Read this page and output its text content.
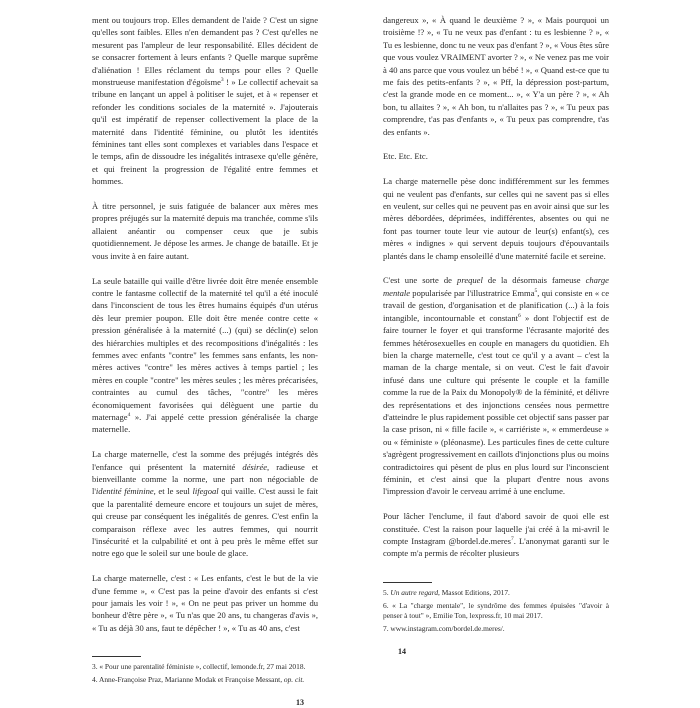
ment ou toujours trop. Elles demandent de l'aide ? C'est un signe qu'elles sont faibles. Elles n'en demandent pas ? C'est qu'elles ne mesurent pas l'ampleur de leur responsabilité. Elles décident de se consacrer fortement à leurs enfants ? Quelle marque suprême d'aliénation ! Elles réclament du temps pour elles ? Quelle monstrueuse manifestation d'égoïsme$^3$ ! » Le collectif achevait sa tribune en lançant un appel à politiser le sujet, et à « repenser et refonder les conditions sociales de la maternité ». J'ajouterais qu'il est impératif de repenser collectivement la place de la maternité dans l'identité féminine, ou plutôt les identités féminines tant elles sont complexes et variables dans l'espace et le temps, afin de dissoudre les inégalités intrasexe qu'elle génère, et qui freinent la progression de l'égalité entre femmes et hommes.

À titre personnel, je suis fatiguée de balancer aux mères mes propres préjugés sur la maternité depuis ma tranchée, comme s'ils allaient anéantir ou compenser ceux que je subis quotidiennement. Je dépose les armes. Je change de bataille. Et je vous invite à en faire autant.

La seule bataille qui vaille d'être livrée doit être menée ensemble contre le fantasme collectif de la maternité tel qu'il a été inoculé dans l'inconscient de tous les êtres humains équipés d'un utérus dès leur premier poupon. Elle doit être menée contre cette « pression généralisée à la maternité (...) (qui) se déclin(e) selon des hiérarchies multiples et des recompositions d'inégalités : les femmes avec enfants "contre" les femmes sans enfants, les non-mères actives "contre" les mères actives à temps partiel ; les mères en couple "contre" les mères seules ; les mères précarisées, contraintes au cumul des tâches, "contre" les mères économiquement favorisées qui délèguent une partie du maternage$^4$ ». J'ai appelé cette pression généralisée la charge maternelle.

La charge maternelle, c'est la somme des préjugés intégrés dès l'enfance qui présentent la maternité désirée, radieuse et bienveillante comme la norme, une part non négociable de l'identité féminine, et le seul lifegoal qui vaille. C'est aussi le fait que la parentalité demeure encore et toujours un sujet de mères, qui creuse par conséquent les inégalités de genres. C'est enfin la comparaison réflexe avec les autres femmes, qui nourrit l'insécurité et la culpabilité et ont à peu près le même effet sur notre ego que le soleil sur une boule de glace.

La charge maternelle, c'est : « Les enfants, c'est le but de la vie d'une femme », « C'est pas la peine d'avoir des enfants si c'est pour jamais les voir ! », « On ne peut pas priver un homme du bonheur d'être père », « Tu n'as que 20 ans, tu changeras d'avis », « Tu as déjà 30 ans, faut te dépêcher ! », « Tu as 40 ans, c'est

3. « Pour une parentalité féministe », collectif, lemonde.fr, 27 mai 2018.

4. Anne-Françoise Praz, Marianne Modak et Françoise Messant, op. cit.

13

dangereux », « À quand le deuxième ? », « Mais pourquoi un troisième !? », « Tu ne veux pas d'enfant : tu es lesbienne ? », « Tu es lesbienne, donc tu ne veux pas d'enfant ? », « Vous êtes sûre que vous voulez VRAIMENT avorter ? », « Ne venez pas me voir à 40 ans parce que vous voulez un bébé ! », « Quand est-ce que tu me fais des petits-enfants ? », « Pff, la dépression post-partum, c'est la grande mode en ce moment... », « Y'a un père ? », « Ah bon, tu allaites ? », « Ah bon, tu n'allaites pas ? », « Tu peux pas comprendre, t'as pas d'enfants », « Tu peux pas comprendre, t'as des enfants ».

Etc. Etc. Etc.

La charge maternelle pèse donc indifféremment sur les femmes qui ne veulent pas d'enfants, sur celles qui ne savent pas si elles en veulent, sur celles qui ne peuvent pas en avoir ainsi que sur les mères débordées, déprimées, indifférentes, absentes ou qui ne font pas tourner toute leur vie autour de leur(s) enfant(s), ces mères « indignes » qui servent depuis toujours d'épouvantails plantés dans le champ ensoleillé d'une maternité facile et sereine.

C'est une sorte de prequel de la désormais fameuse charge mentale popularisée par l'illustratrice Emma$^5$, qui consiste en « ce travail de gestion, d'organisation et de planification (...) à la fois intangible, incontournable et constant$^6$ » dont l'objectif est de faire tourner le foyer et qui transforme l'écrasante majorité des femmes hétérosexuelles en couple en managers du quotidien. Eh bien la charge maternelle, c'est tout ce qu'il y a avant – c'est la maman de la charge mentale, si on veut. C'est le fait d'avoir infusé dans une culture qui présente le couple et la famille comme la rue de la Paix du Monopoly® de la féminité, et délivre des représentations et des injonctions censées nous permettre d'atteindre le plus rapidement possible cet objectif sans passer par la case prison, ni « fille facile », « carriériste », « emmerdeuse » ou « féministe » (pléonasme). Les particules fines de cette culture s'agrègent progressivement en caillots d'injonctions plus ou moins contradictoires qui pèsent de plus en plus lourd sur l'inconscient féminin, et c'est ainsi que la plupart d'entre nous avons l'impression d'avoir le cerveau arrimé à une enclume.

Pour lâcher l'enclume, il faut d'abord savoir de quoi elle est constituée. C'est la raison pour laquelle j'ai créé à la mi-avril le compte Instagram @bordel.de.meres$^7$. L'anonymat garanti sur le compte m'a permis de récolter plusieurs

5. Un autre regard, Massot Editions, 2017.

6. « La "charge mentale", le syndrôme des femmes épuisées "d'avoir à penser à tout" », Emilie Ton, lexpress.fr, 10 mai 2017.

7. www.instagram.com/bordel.de.meres/.

14
